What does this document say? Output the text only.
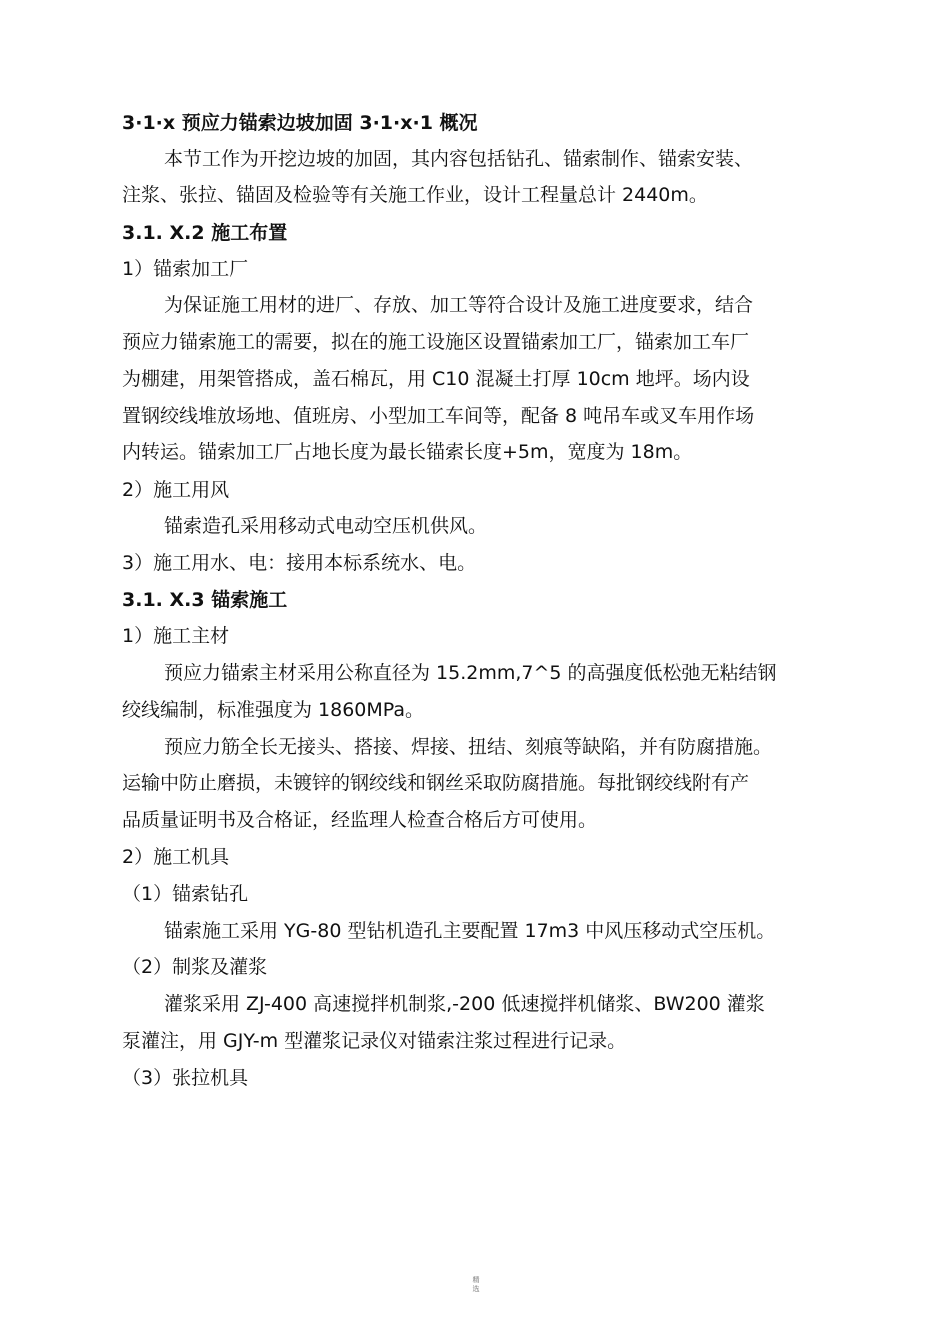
3·1·x 预应力锚索边坡加固 3·1·x·1 概况
本节工作为开挖边坡的加固，其内容包括钻孔、锚索制作、锚索安装、
注浆、张拉、锚固及检验等有关施工作业，设计工程量总计 2440m。
3.1. X.2 施工布置
1）锚索加工厂
为保证施工用材的进厂、存放、加工等符合设计及施工进度要求，结合
预应力锚索施工的需要，拟在的施工设施区设置锚索加工厂，锚索加工车厂
为棚建，用架管搭成，盖石棉瓦，用 C10 混凝土打厚 10cm 地坪。场内设
置钢绞线堆放场地、值班房、小型加工车间等，配备 8 吨吊车或叉车用作场
内转运。锚索加工厂占地长度为最长锚索长度+5m，宽度为 18m。
2）施工用风
锚索造孔采用移动式电动空压机供风。
3）施工用水、电：接用本标系统水、电。
3.1. X.3 锚索施工
1）施工主材
预应力锚索主材采用公称直径为 15.2mm,7^5 的高强度低松弛无粘结钢
绞线编制，标准强度为 1860MPa。
预应力筋全长无接头、搭接、焊接、扭结、刻痕等缺陷，并有防腐措施。
运输中防止磨损，未镀锌的钢绞线和钢丝采取防腐措施。每批钢绞线附有产
品质量证明书及合格证，经监理人检查合格后方可使用。
2）施工机具
（1）锚索钻孔
锚索施工采用 YG-80 型钻机造孔主要配置 17m3 中风压移动式空压机。
（2）制浆及灌浆
灌浆采用 ZJ-400 高速搅拌机制浆,-200 低速搅拌机储浆、BW200 灌浆
泵灌注，用 GJY-m 型灌浆记录仪对锚索注浆过程进行记录。
（3）张拉机具
精
选
